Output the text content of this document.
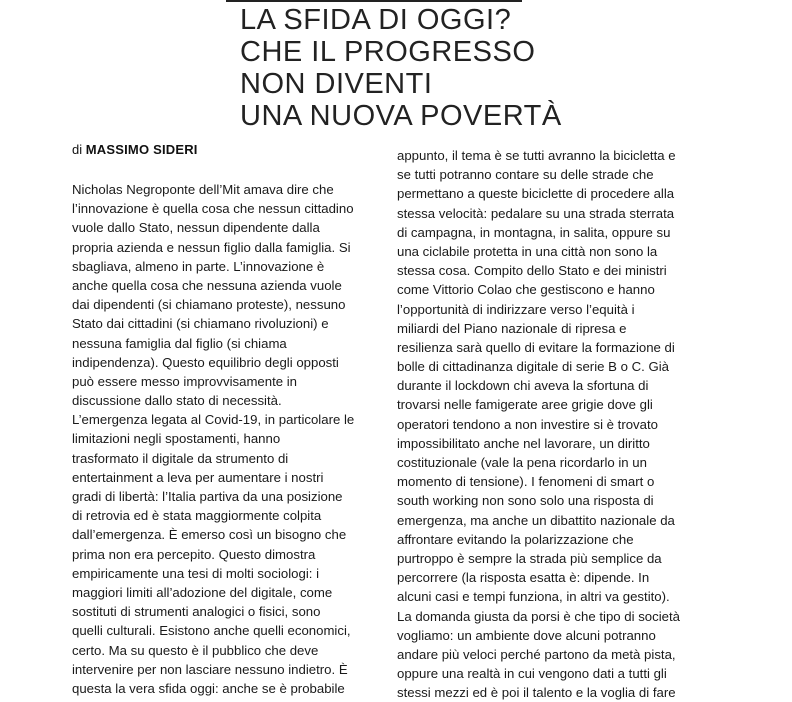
LA SFIDA DI OGGI?
CHE IL PROGRESSO
NON DIVENTI
UNA NUOVA POVERTÀ
di MASSIMO SIDERI
Nicholas Negroponte dell’Mit amava dire che
l’innovazione è quella cosa che nessun cittadino
vuole dallo Stato, nessun dipendente dalla
propria azienda e nessun figlio dalla famiglia. Si
sbagliava, almeno in parte. L’innovazione è
anche quella cosa che nessuna azienda vuole
dai dipendenti (si chiamano proteste), nessuno
Stato dai cittadini (si chiamano rivoluzioni) e
nessuna famiglia dal figlio (si chiama
indipendenza). Questo equilibrio degli opposti
può essere messo improvvisamente in
discussione dallo stato di necessità.
L’emergenza legata al Covid-19, in particolare le
limitazioni negli spostamenti, hanno
trasformato il digitale da strumento di
entertainment a leva per aumentare i nostri
gradi di libertà: l’Italia partiva da una posizione
di retrovia ed è stata maggiormente colpita
dall’emergenza. È emerso così un bisogno che
prima non era percepito. Questo dimostra
empiricamente una tesi di molti sociologi: i
maggiori limiti all’adozione del digitale, come
sostituti di strumenti analogici o fisici, sono
quelli culturali. Esistono anche quelli economici,
certo. Ma su questo è il pubblico che deve
intervenire per non lasciare nessuno indietro. È
questa la vera sfida oggi: anche se è probabile
appunto, il tema è se tutti avranno la bicicletta e
se tutti potranno contare su delle strade che
permettano a queste biciclette di procedere alla
stessa velocità: pedalare su una strada sterrata
di campagna, in montagna, in salita, oppure su
una ciclabile protetta in una città non sono la
stessa cosa. Compito dello Stato e dei ministri
come Vittorio Colao che gestiscono e hanno
l’opportunità di indirizzare verso l’equità i
miliardi del Piano nazionale di ripresa e
resilienza sarà quello di evitare la formazione di
bolle di cittadinanza digitale di serie B o C. Già
durante il lockdown chi aveva la sfortuna di
trovarsi nelle famigerate aree grigie dove gli
operatori tendono a non investire si è trovato
impossibilitato anche nel lavorare, un diritto
costituzionale (vale la pena ricordarlo in un
momento di tensione). I fenomeni di smart o
south working non sono solo una risposta di
emergenza, ma anche un dibattito nazionale da
affrontare evitando la polarizzazione che
purtroppo è sempre la strada più semplice da
percorrere (la risposta esatta è: dipende. In
alcuni casi e tempi funziona, in altri va gestito).
La domanda giusta da porsi è che tipo di società
vogliamo: un ambiente dove alcuni potranno
andare più veloci perché partono da metà pista,
oppure una realtà in cui vengono dati a tutti gli
stessi mezzi ed è poi il talento e la voglia di fare
